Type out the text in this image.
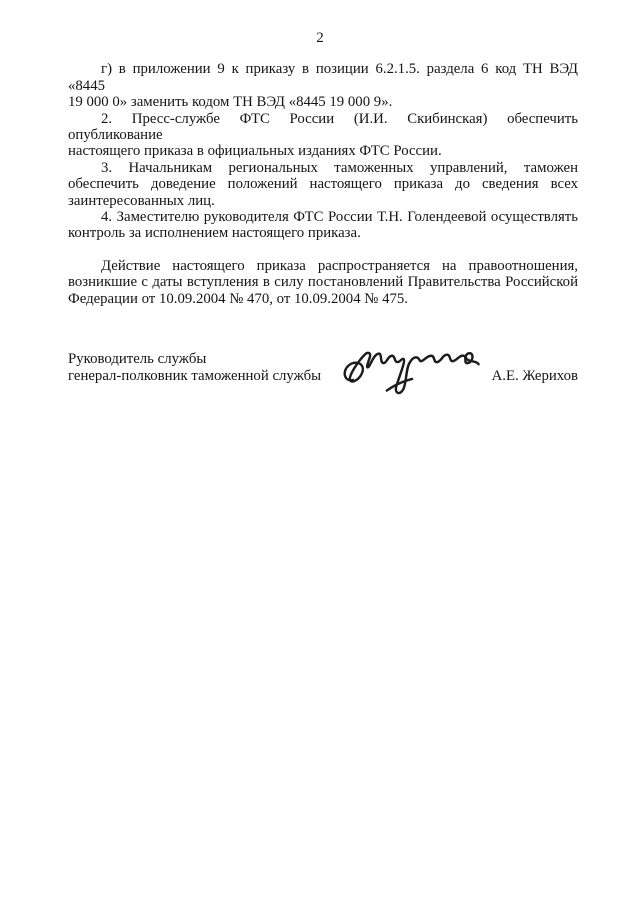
2

г) в приложении 9 к приказу в позиции 6.2.1.5. раздела 6 код ТН ВЭД «8445
19 000 0» заменить кодом ТН ВЭД «8445 19 000 9».

2. Пресс-службе ФТС России (И.И. Скибинская) обеспечить опубликование
настоящего приказа в официальных изданиях ФТС России.

3. Начальникам региональных таможенных управлений, таможен
обеспечить доведение положений настоящего приказа до сведения всех
заинтересованных лиц.

4. Заместителю руководителя ФТС России Т.Н. Голендеевой осуществлять
контроль за исполнением настоящего приказа.

Действие настоящего приказа распространяется на правоотношения,
возникшие с даты вступления в силу постановлений Правительства Российской
Федерации от 10.09.2004 № 470, от 10.09.2004 № 475.

Руководитель службы
генерал-полковник таможенной службы	А.Е. Жерихов
